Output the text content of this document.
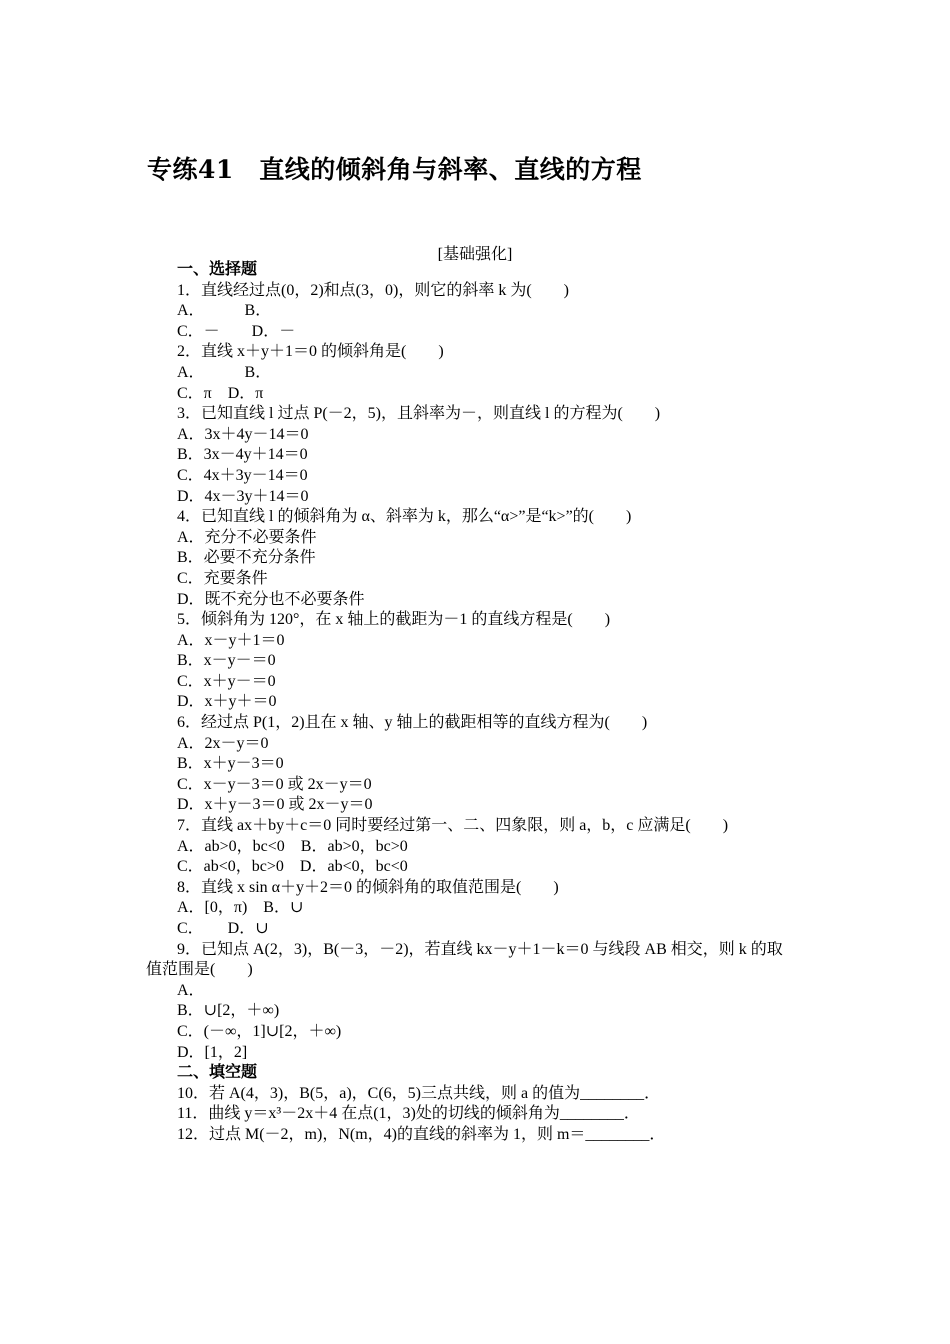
专练41　直线的倾斜角与斜率、直线的方程
[基础强化]
一、选择题
1．直线经过点(0，2)和点(3，0)，则它的斜率 k 为(　　)
A．　　　B．
C．－　　D．－
2．直线 x＋y＋1＝0 的倾斜角是(　　)
A．　　　B．
C．π　D．π
3．已知直线 l 过点 P(－2，5)，且斜率为－，则直线 l 的方程为(　　)
A．3x＋4y－14＝0
B．3x－4y＋14＝0
C．4x＋3y－14＝0
D．4x－3y＋14＝0
4．已知直线 l 的倾斜角为 α、斜率为 k，那么“α>”是“k>”的(　　)
A．充分不必要条件
B．必要不充分条件
C．充要条件
D．既不充分也不必要条件
5．倾斜角为 120°，在 x 轴上的截距为－1 的直线方程是(　　)
A．x－y＋1＝0
B．x－y－＝0
C．x＋y－＝0
D．x＋y＋＝0
6．经过点 P(1，2)且在 x 轴、y 轴上的截距相等的直线方程为(　　)
A．2x－y＝0
B．x＋y－3＝0
C．x－y－3＝0 或 2x－y＝0
D．x＋y－3＝0 或 2x－y＝0
7．直线 ax＋by＋c＝0 同时要经过第一、二、四象限，则 a，b，c 应满足(　　)
A．ab>0，bc<0　B．ab>0，bc>0
C．ab<0，bc>0　D．ab<0，bc<0
8．直线 x sin α＋y＋2＝0 的倾斜角的取值范围是(　　)
A．[0，π)　B．∪
C．　　D．∪
9．已知点 A(2，3)，B(－3，－2)，若直线 kx－y＋1－k＝0 与线段 AB 相交，则 k 的取
值范围是(　　)
A．
B．∪[2，＋∞)
C．(－∞，1]∪[2，＋∞)
D．[1，2]
二、填空题
10．若 A(4，3)，B(5，a)，C(6，5)三点共线，则 a 的值为________．
11．曲线 y＝x³－2x＋4 在点(1，3)处的切线的倾斜角为________．
12．过点 M(－2，m)，N(m，4)的直线的斜率为 1，则 m＝________．
